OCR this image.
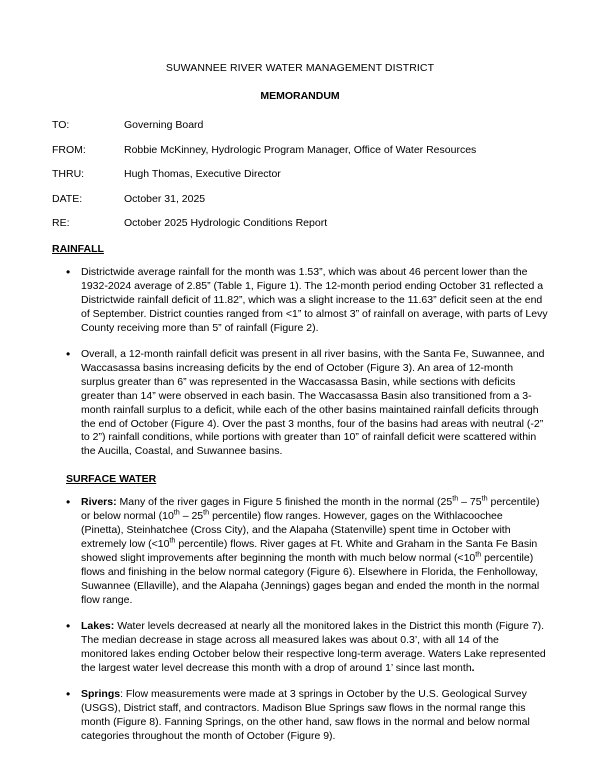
SUWANNEE RIVER WATER MANAGEMENT DISTRICT
MEMORANDUM
TO:	Governing Board
FROM:	Robbie McKinney, Hydrologic Program Manager, Office of Water Resources
THRU:	Hugh Thomas, Executive Director
DATE:	October 31, 2025
RE:	October 2025 Hydrologic Conditions Report
RAINFALL
• Districtwide average rainfall for the month was 1.53”, which was about 46 percent lower than the 1932-2024 average of 2.85” (Table 1, Figure 1). The 12-month period ending October 31 reflected a Districtwide rainfall deficit of 11.82”, which was a slight increase to the 11.63” deficit seen at the end of September. District counties ranged from <1” to almost 3” of rainfall on average, with parts of Levy County receiving more than 5” of rainfall (Figure 2).
• Overall, a 12-month rainfall deficit was present in all river basins, with the Santa Fe, Suwannee, and Waccasassa basins increasing deficits by the end of October (Figure 3). An area of 12-month surplus greater than 6” was represented in the Waccasassa Basin, while sections with deficits greater than 14” were observed in each basin. The Waccasassa Basin also transitioned from a 3-month rainfall surplus to a deficit, while each of the other basins maintained rainfall deficits through the end of October (Figure 4). Over the past 3 months, four of the basins had areas with neutral (-2” to 2”) rainfall conditions, while portions with greater than 10” of rainfall deficit were scattered within the Aucilla, Coastal, and Suwannee basins.
SURFACE WATER
• Rivers: Many of the river gages in Figure 5 finished the month in the normal (25th – 75th percentile) or below normal (10th – 25th percentile) flow ranges. However, gages on the Withlacoochee (Pinetta), Steinhatchee (Cross City), and the Alapaha (Statenville) spent time in October with extremely low (<10th percentile) flows. River gages at Ft. White and Graham in the Santa Fe Basin showed slight improvements after beginning the month with much below normal (<10th percentile) flows and finishing in the below normal category (Figure 6). Elsewhere in Florida, the Fenholloway, Suwannee (Ellaville), and the Alapaha (Jennings) gages began and ended the month in the normal flow range.
• Lakes: Water levels decreased at nearly all the monitored lakes in the District this month (Figure 7). The median decrease in stage across all measured lakes was about 0.3’, with all 14 of the monitored lakes ending October below their respective long-term average. Waters Lake represented the largest water level decrease this month with a drop of around 1’ since last month.
• Springs: Flow measurements were made at 3 springs in October by the U.S. Geological Survey (USGS), District staff, and contractors. Madison Blue Springs saw flows in the normal range this month (Figure 8). Fanning Springs, on the other hand, saw flows in the normal and below normal categories throughout the month of October (Figure 9).
